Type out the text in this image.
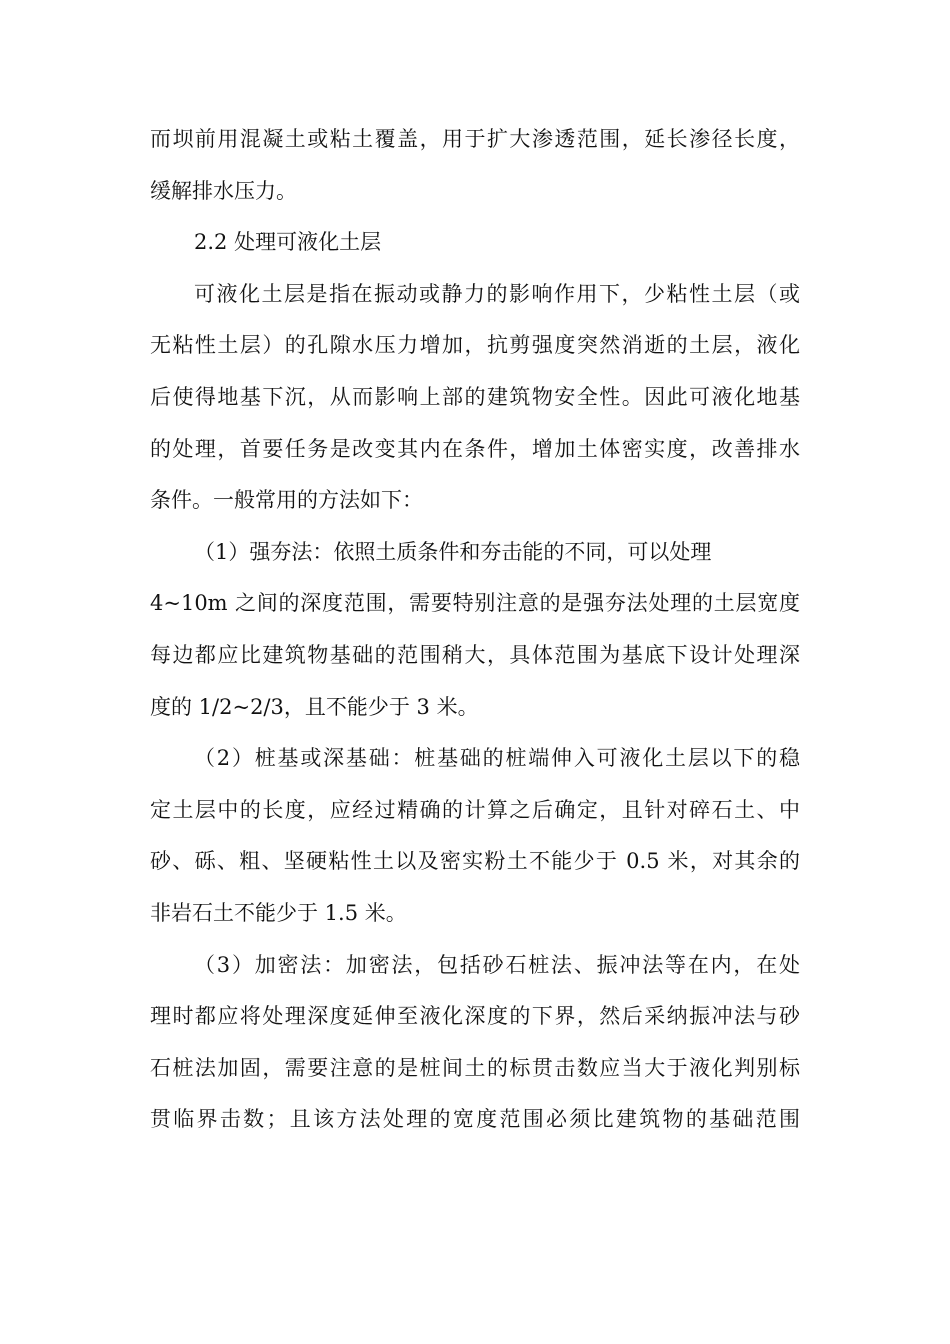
而坝前用混凝土或粘土覆盖，用于扩大渗透范围，延长渗径长度，
缓解排水压力。
2.2 处理可液化土层
可液化土层是指在振动或静力的影响作用下，少粘性土层（或
无粘性土层）的孔隙水压力增加，抗剪强度突然消逝的土层，液化
后使得地基下沉，从而影响上部的建筑物安全性。因此可液化地基
的处理，首要任务是改变其内在条件，增加土体密实度，改善排水
条件。一般常用的方法如下：
（1）强夯法：依照土质条件和夯击能的不同，可以处理
4~10m 之间的深度范围，需要特别注意的是强夯法处理的土层宽度
每边都应比建筑物基础的范围稍大，具体范围为基底下设计处理深
度的 1/2~2/3，且不能少于 3 米。
（2）桩基或深基础：桩基础的桩端伸入可液化土层以下的稳
定土层中的长度，应经过精确的计算之后确定，且针对碎石土、中
砂、砾、粗、坚硬粘性土以及密实粉土不能少于 0.5 米，对其余的
非岩石土不能少于 1.5 米。
（3）加密法：加密法，包括砂石桩法、振冲法等在内，在处
理时都应将处理深度延伸至液化深度的下界，然后采纳振冲法与砂
石桩法加固，需要注意的是桩间土的标贯击数应当大于液化判别标
贯临界击数；且该方法处理的宽度范围必须比建筑物的基础范围
